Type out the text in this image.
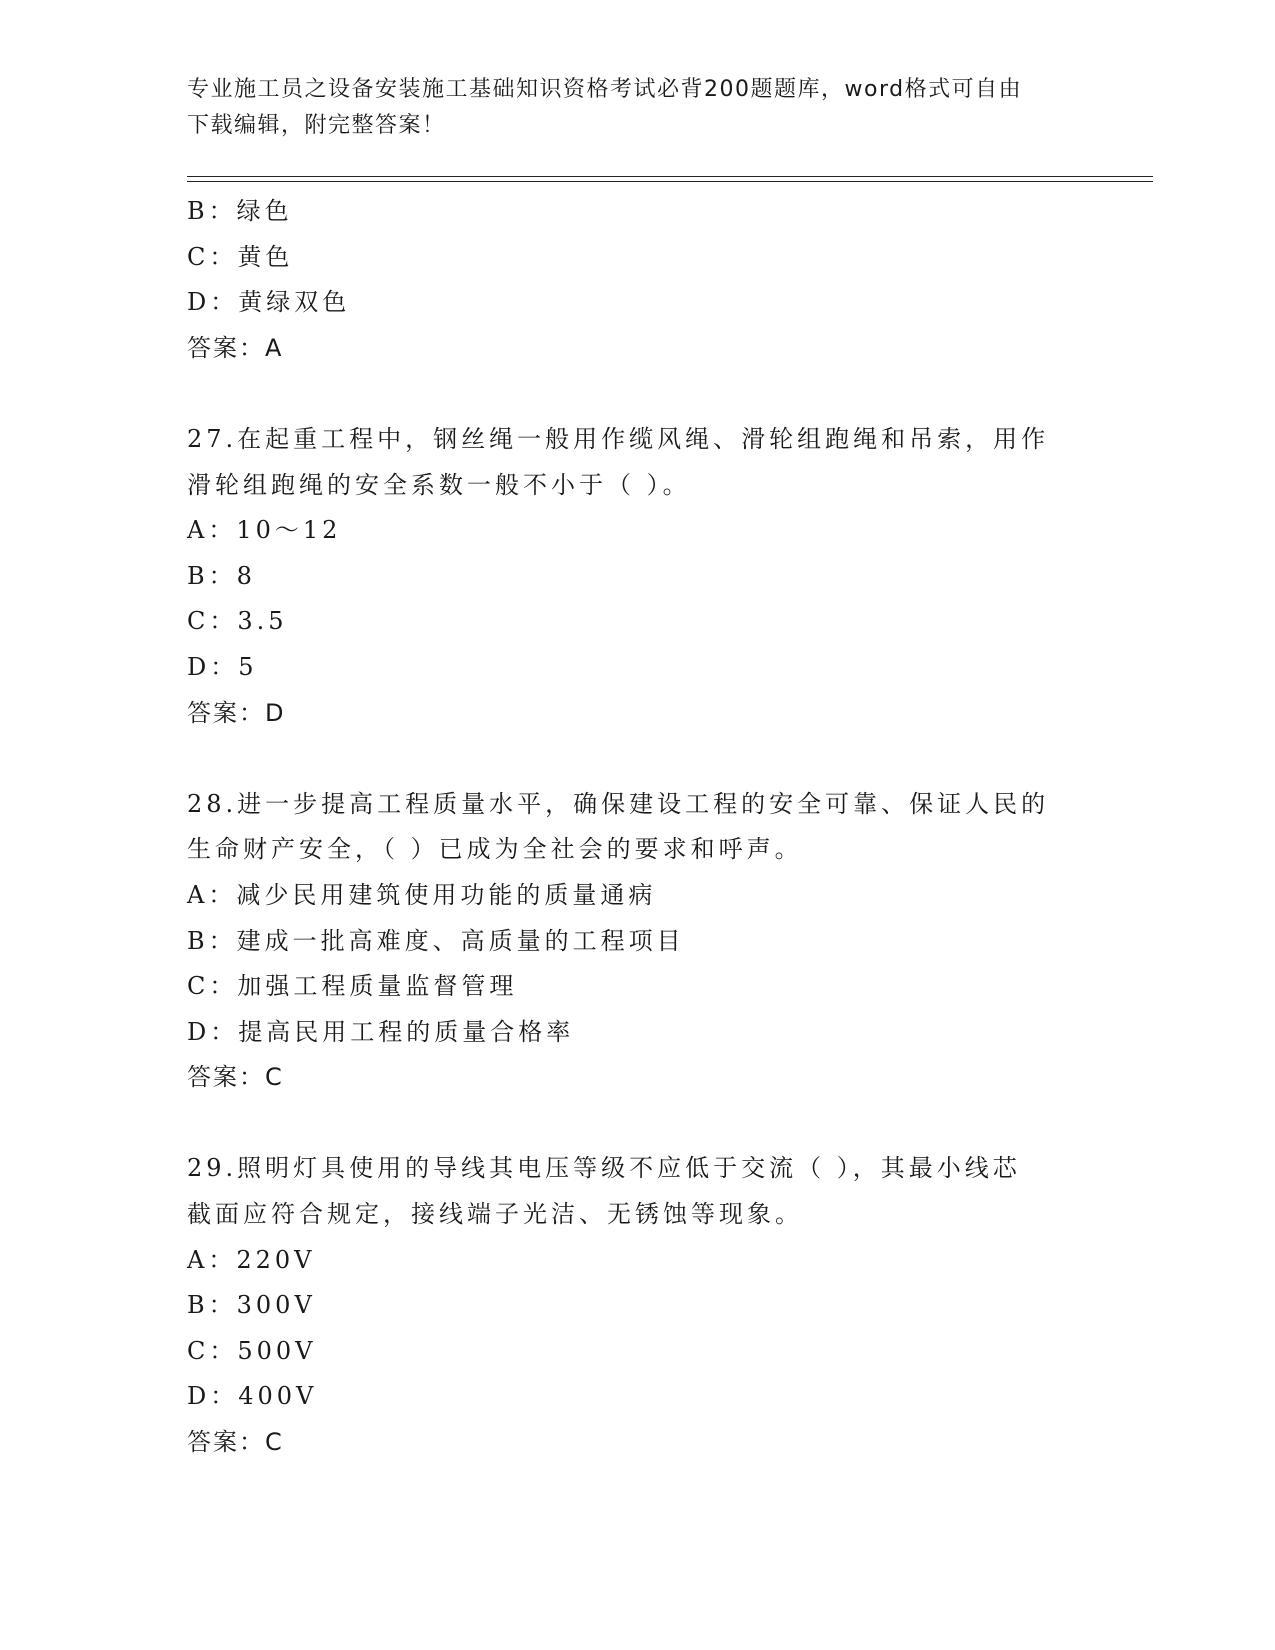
专业施工员之设备安装施工基础知识资格考试必背200题题库，word格式可自由
下载编辑，附完整答案！
B：绿色
C：黄色
D：黄绿双色
答案：A
27.在起重工程中，钢丝绳一般用作缆风绳、滑轮组跑绳和吊索，用作
滑轮组跑绳的安全系数一般不小于（ ）。
A：10～12
B：8
C：3.5
D：5
答案：D
28.进一步提高工程质量水平，确保建设工程的安全可靠、保证人民的
生命财产安全，（ ）已成为全社会的要求和呼声。
A：减少民用建筑使用功能的质量通病
B：建成一批高难度、高质量的工程项目
C：加强工程质量监督管理
D：提高民用工程的质量合格率
答案：C
29.照明灯具使用的导线其电压等级不应低于交流（ ），其最小线芯
截面应符合规定，接线端子光洁、无锈蚀等现象。
A：220V
B：300V
C：500V
D：400V
答案：C
